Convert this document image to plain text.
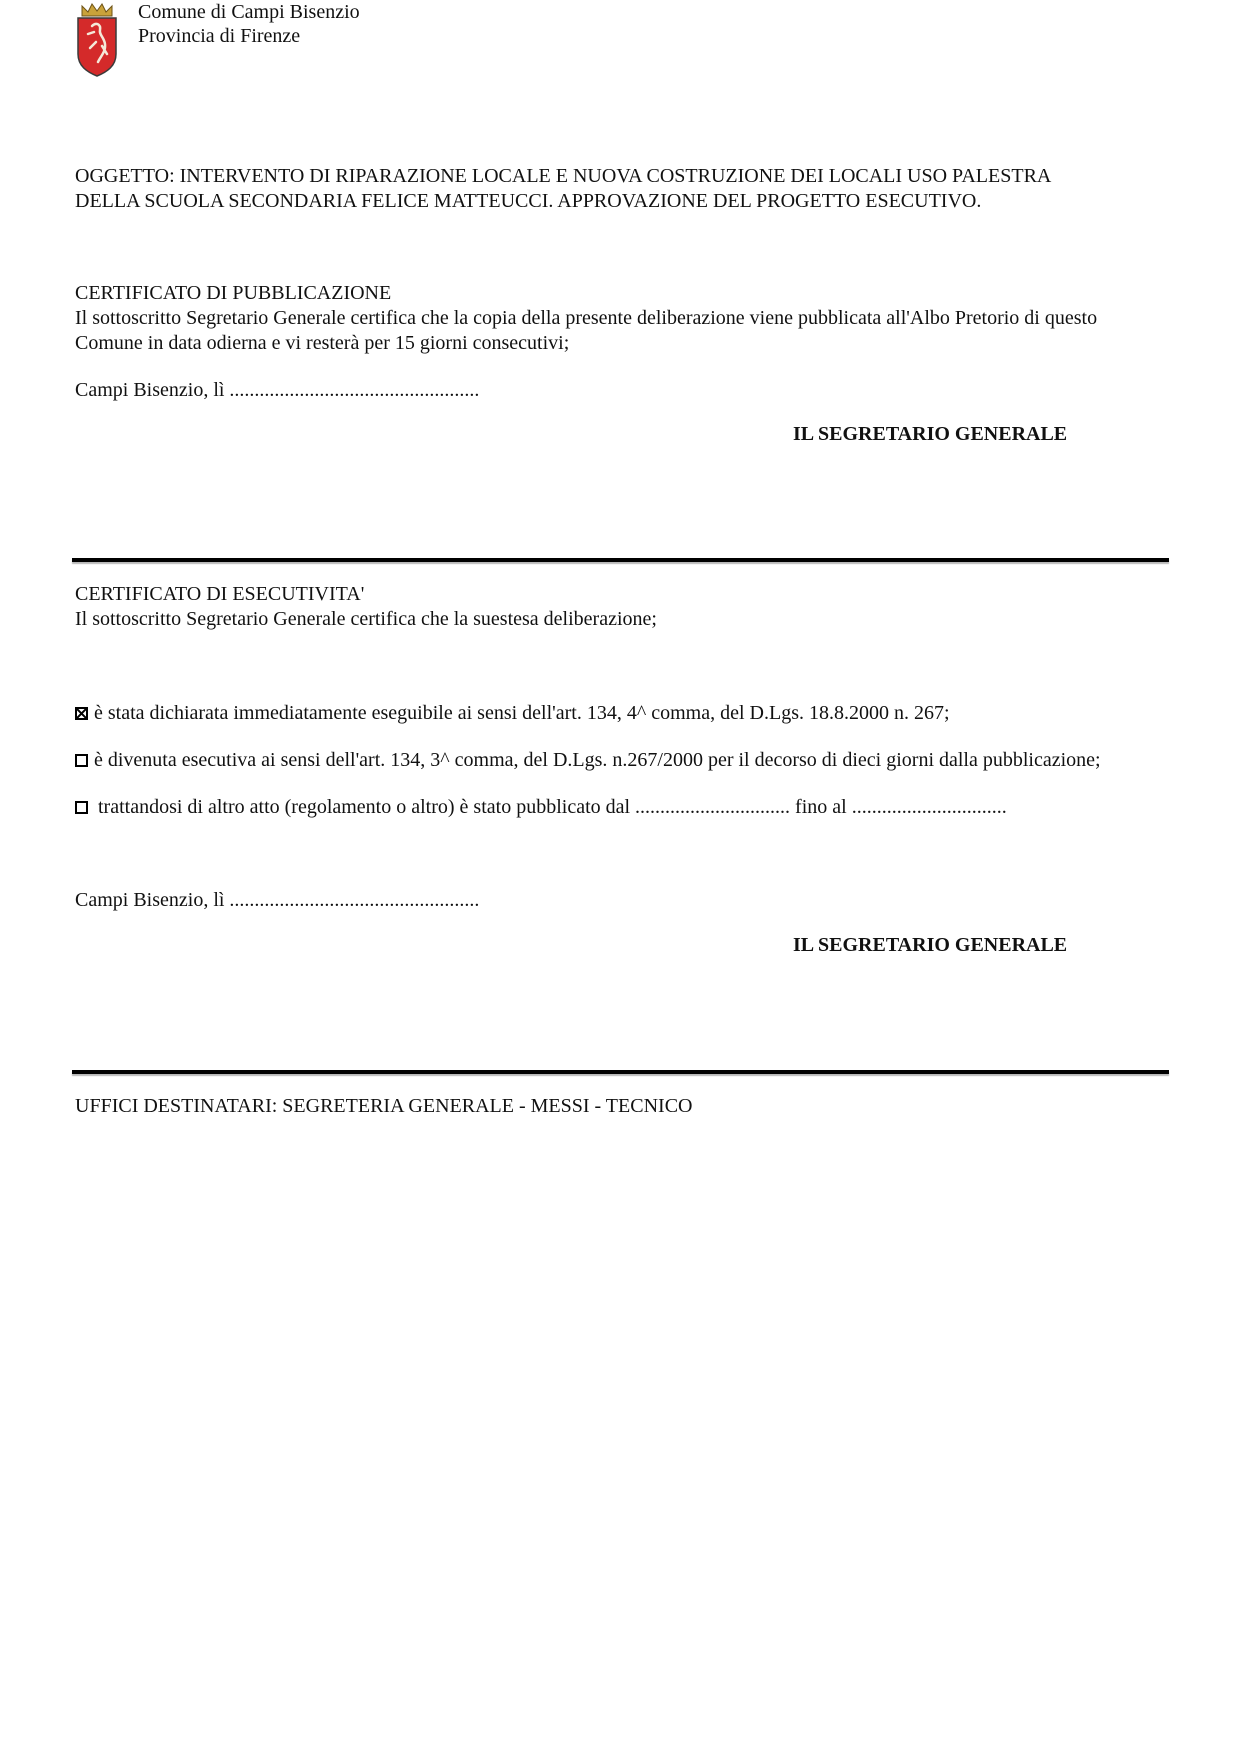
Comune di Campi Bisenzio
Provincia di Firenze
OGGETTO: INTERVENTO DI RIPARAZIONE LOCALE E NUOVA COSTRUZIONE DEI LOCALI USO PALESTRA
DELLA SCUOLA SECONDARIA FELICE MATTEUCCI. APPROVAZIONE DEL PROGETTO ESECUTIVO.
CERTIFICATO DI PUBBLICAZIONE
Il sottoscritto Segretario Generale certifica che la copia della presente deliberazione viene pubblicata all'Albo Pretorio di questo
Comune in data odierna e vi resterà per 15 giorni consecutivi;
Campi Bisenzio, lì ..................................................
IL SEGRETARIO GENERALE
CERTIFICATO DI ESECUTIVITA'
Il sottoscritto Segretario Generale certifica che la suestesa deliberazione;
è stata dichiarata immediatamente eseguibile ai sensi dell'art. 134, 4^ comma, del D.Lgs. 18.8.2000 n. 267;
è divenuta esecutiva ai sensi dell'art. 134, 3^ comma, del D.Lgs. n.267/2000 per il decorso di dieci giorni dalla pubblicazione;
trattandosi di altro atto (regolamento o altro) è stato pubblicato dal ............................... fino al ...............................
Campi Bisenzio, lì ..................................................
IL SEGRETARIO GENERALE
UFFICI DESTINATARI: SEGRETERIA GENERALE - MESSI - TECNICO
